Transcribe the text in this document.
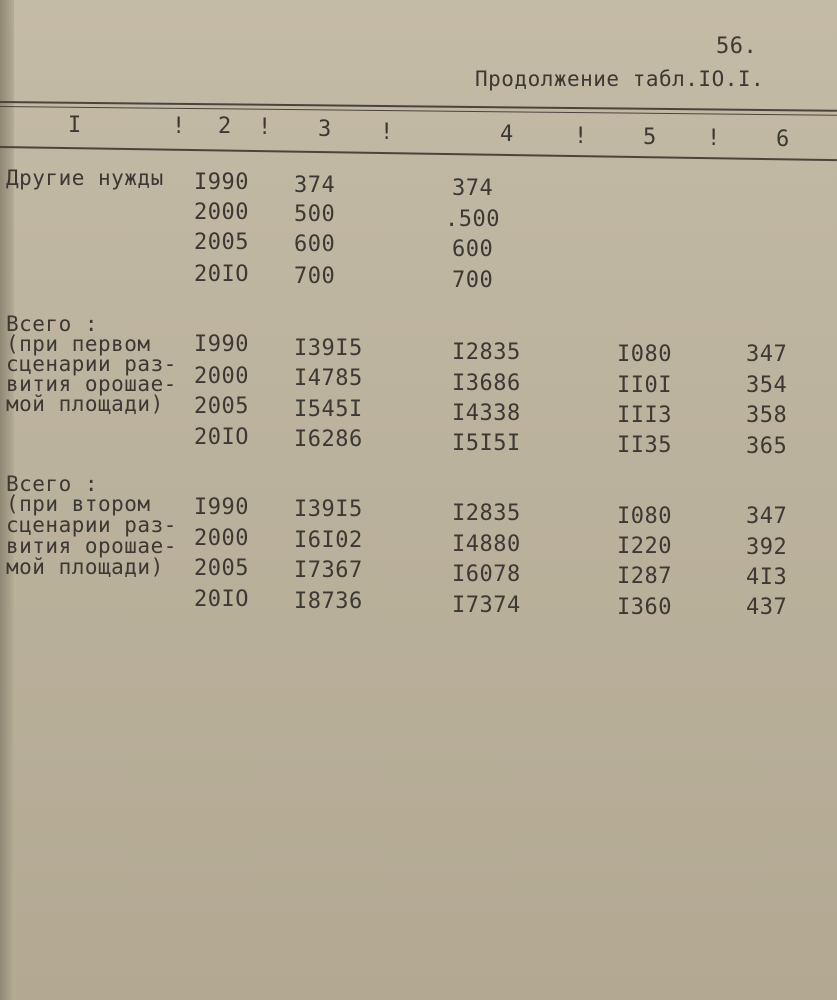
56.
Продолжение табл.IO.I.
I	! 2 ! 3 !	4	!	5 !	6
Другие нужды I990 374	374
2000 500	.500
2005 600	600
20IO 700	700
Всего :
(при первом
сценарии раз-
вития орошае-
мой площади)
I990 I39I5	I2835	I080	347
2000 I4785	I3686	II0I	354
2005 I545I	I4338	III3	358
20IO I6286	I5I5I	II35	365
Всего :
(при втором
сценарии раз-
вития орошае-
мой площади)
I990 I39I5	I2835	I080	347
2000 I6I02	I4880	I220	392
2005 I7367	I6078	I287	4I3
20IO I8736	I7374	I360	437
